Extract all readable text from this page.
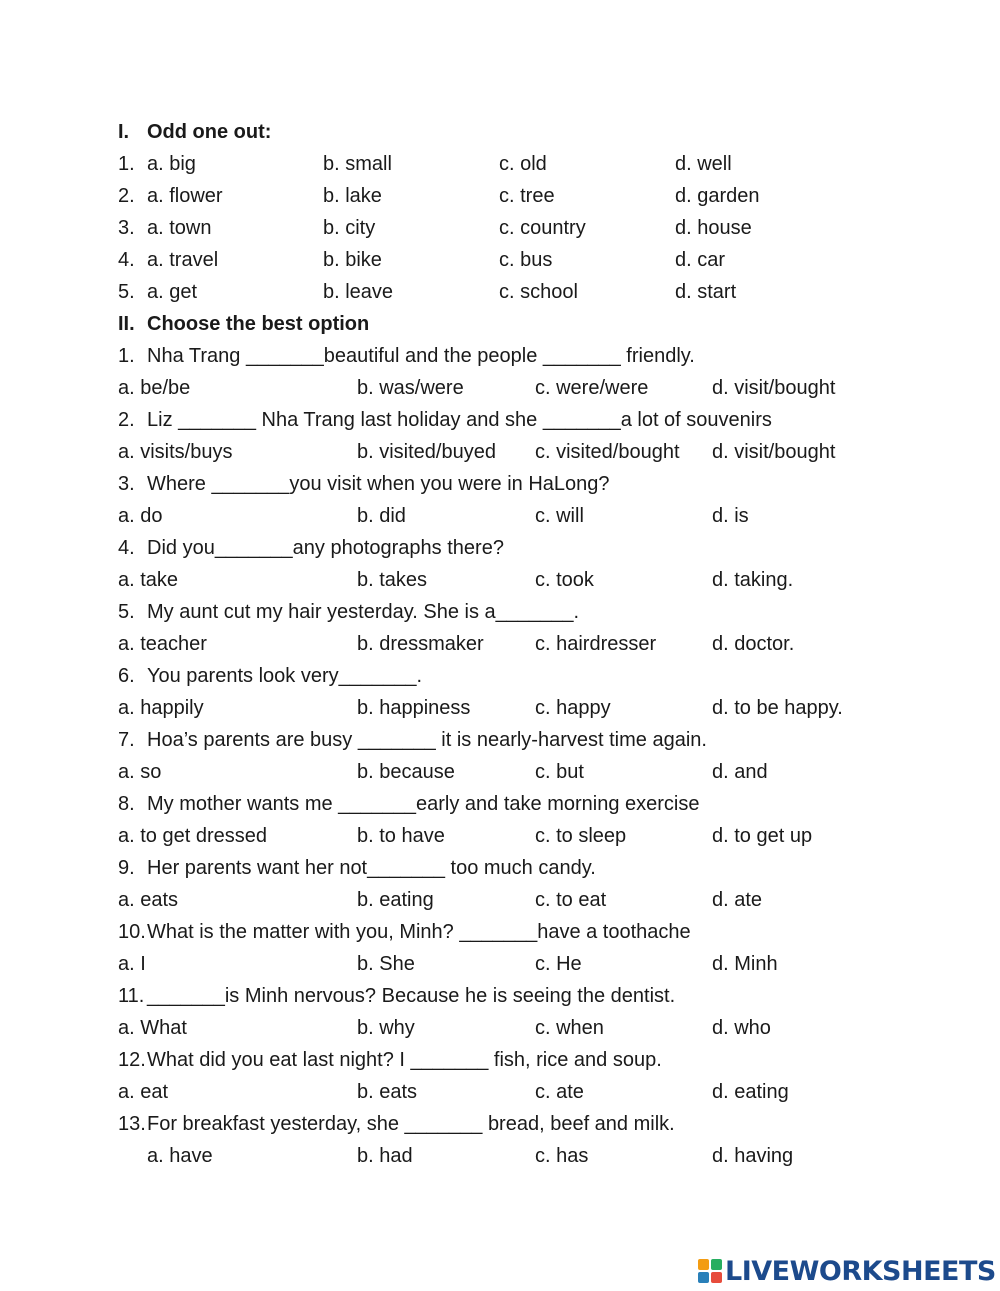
I. Odd one out:
1. a. big	b. small	c. old	d. well
2. a. flower	b. lake	c. tree	d. garden
3. a. town	b. city	c. country	d. house
4. a. travel	b. bike	c. bus	d. car
5. a. get	b. leave	c. school	d. start
II. Choose the best option
1. Nha Trang _______beautiful and the people _______ friendly.
a. be/be	b. was/were	c. were/were	d. visit/bought
2. Liz _______ Nha Trang last holiday and she _______a lot of souvenirs
a. visits/buys	b. visited/buyed c. visited/bought d. visit/bought
3. Where _______you visit when you were in HaLong?
a. do	b. did	c. will	d. is
4. Did you_______any photographs there?
a. take	b. takes	c. took	d. taking.
5. My aunt cut my hair yesterday. She is a_______.
a. teacher	b. dressmaker	c. hairdresser	d. doctor.
6. You parents look very_______.
a. happily	b. happiness	c. happy	d. to be happy.
7. Hoa’s parents are busy _______ it is nearly-harvest time again.
a. so	b. because	c. but	d. and
8. My mother wants me _______early and take morning exercise
a. to get dressed	b. to have	c. to sleep	d. to get up
9. Her parents want her not_______ too much candy.
a. eats	b. eating	c. to eat	d. ate
10. What is the matter with you, Minh? _______have a toothache
a. I	b. She	c. He	d. Minh
11. _______is Minh nervous? Because he is seeing the dentist.
a. What	b. why	c. when	d. who
12. What did you eat last night? I _______ fish, rice and soup.
a. eat	b. eats	c. ate	d. eating
13. For breakfast yesterday, she _______ bread, beef and milk.
a. have	b. had	c. has	d. having
LIVEWORKSHEETS
